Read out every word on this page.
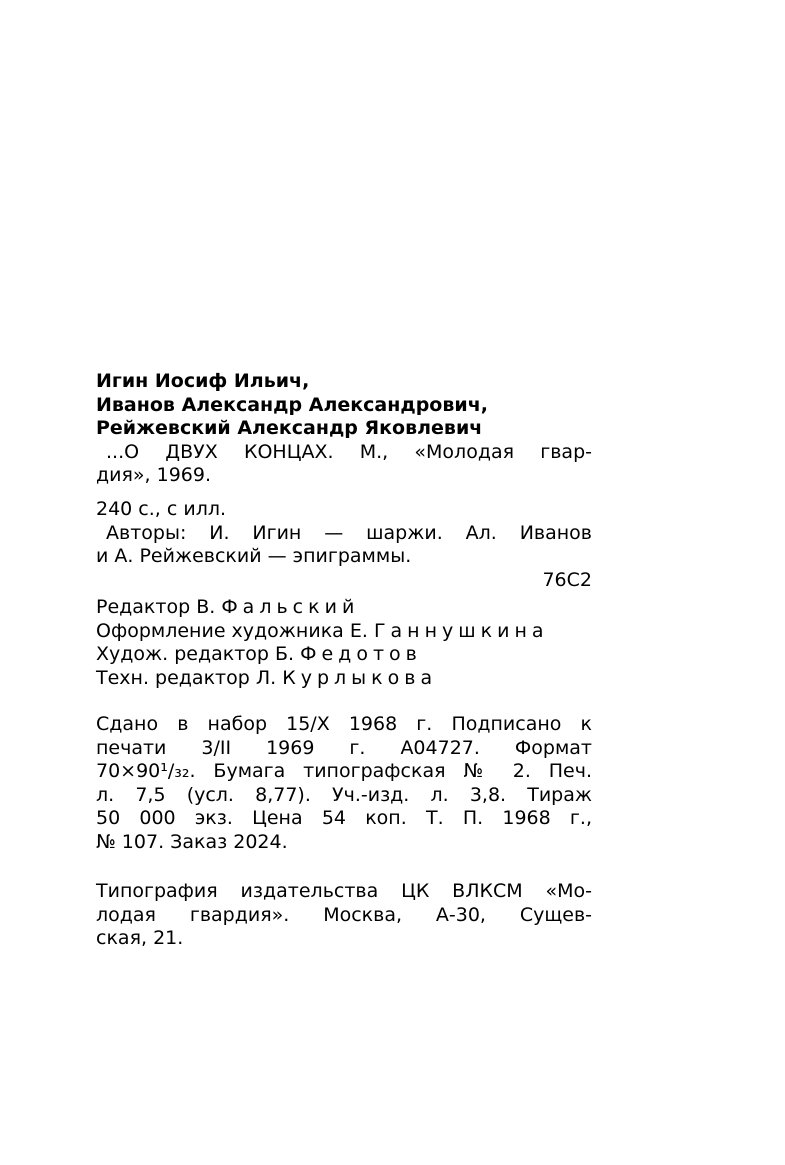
Игин Иосиф Ильич,
Иванов Александр Александрович,
Рейжевский Александр Яковлевич
...О ДВУХ КОНЦАХ. М., «Молодая гвар-
дия», 1969.
240 с., с илл.
Авторы: И. Игин — шаржи. Ал. Иванов
и А. Рейжевский — эпиграммы.
76С2
Редактор В. Фальский
Оформление художника Е. Ганнушкина
Худож. редактор Б. Федотов
Техн. редактор Л. Курлыкова
Сдано в набор 15/X 1968 г. Подписано к
печати 3/II 1969 г. А04727. Формат
70×90¹/₃₂. Бумага типографская № 2. Печ.
л. 7,5 (усл. 8,77). Уч.-изд. л. 3,8. Тираж
50 000 экз. Цена 54 коп. Т. П. 1968 г.,
№ 107. Заказ 2024.
Типография издательства ЦК ВЛКСМ «Мо-
лодая гвардия». Москва, А-30, Сущев-
ская, 21.
